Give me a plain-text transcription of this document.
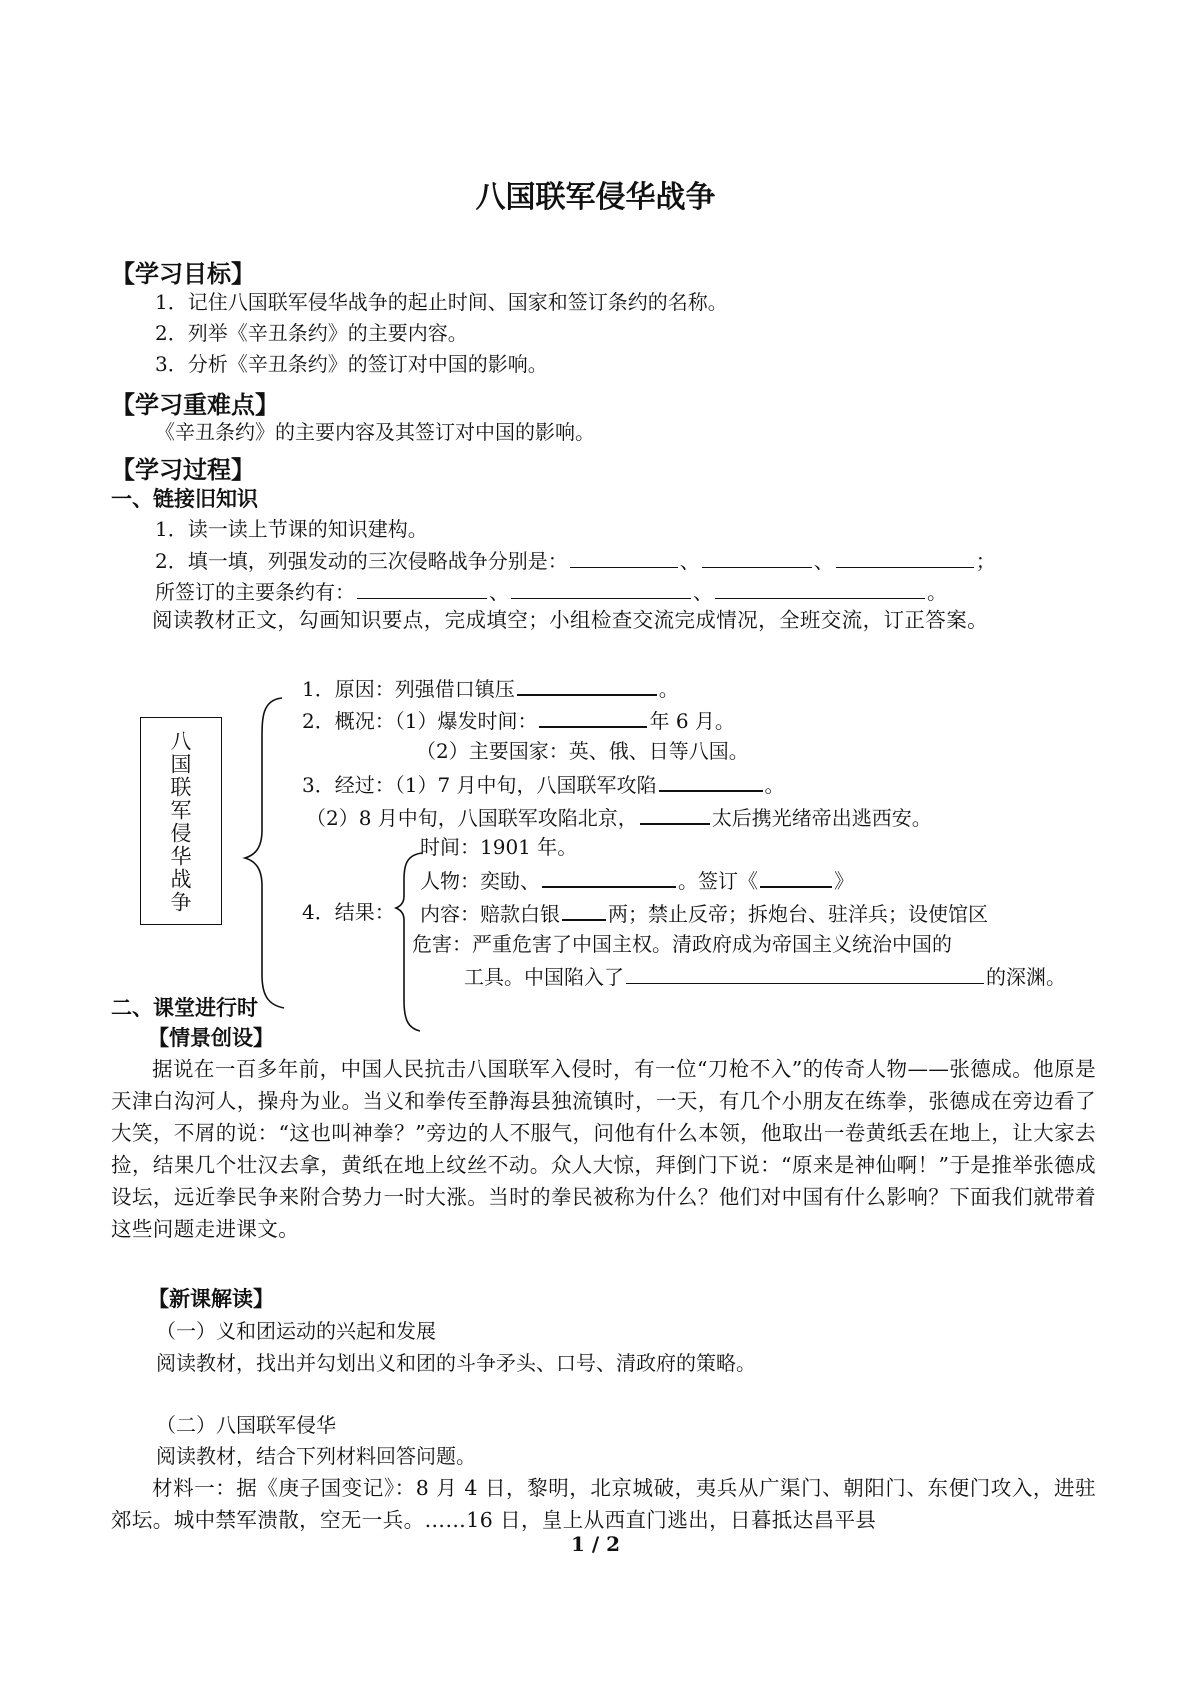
八国联军侵华战争
【学习目标】
1．记住八国联军侵华战争的起止时间、国家和签订条约的名称。
2．列举《辛丑条约》的主要内容。
3．分析《辛丑条约》的签订对中国的影响。
【学习重难点】
《辛丑条约》的主要内容及其签订对中国的影响。
【学习过程】
一、链接旧知识
1．读一读上节课的知识建构。
2．填一填，列强发动的三次侵略战争分别是：	、	、	；
所签订的主要条约有：	、	、	。
阅读教材正文，勾画知识要点，完成填空；小组检查交流完成情况，全班交流，订正答案。
八国联军侵华战争
1．原因：列强借口镇压	。
2．概况：（1）爆发时间：	年 6 月。
（2）主要国家：英、俄、日等八国。
3．经过：（1）7 月中旬，八国联军攻陷	。
（2）8 月中旬，八国联军攻陷北京，	太后携光绪帝出逃西安。
时间：1901 年。
人物：奕劻、	。签订《	》
4．结果： 内容：赔款白银 两；禁止反帝；拆炮台、驻洋兵；设使馆区
危害：严重危害了中国主权。清政府成为帝国主义统治中国的
工具。中国陷入了	的深渊。
二、课堂进行时
【情景创设】
据说在一百多年前，中国人民抗击八国联军入侵时，有一位“刀枪不入”的传奇人物——张德成。他原是天津白沟河人，操舟为业。当义和拳传至静海县独流镇时，一天，有几个小朋友在练拳，张德成在旁边看了大笑，不屑的说：“这也叫神拳？”旁边的人不服气，问他有什么本领，他取出一卷黄纸丢在地上，让大家去捡，结果几个壮汉去拿，黄纸在地上纹丝不动。众人大惊，拜倒门下说：“原来是神仙啊！”于是推举张德成设坛，远近拳民争来附合势力一时大涨。当时的拳民被称为什么？他们对中国有什么影响？下面我们就带着这些问题走进课文。
【新课解读】
（一）义和团运动的兴起和发展
阅读教材，找出并勾划出义和团的斗争矛头、口号、清政府的策略。
（二）八国联军侵华
阅读教材，结合下列材料回答问题。
材料一：据《庚子国变记》：8 月 4 日，黎明，北京城破，夷兵从广渠门、朝阳门、东便门攻入，进驻郊坛。城中禁军溃散，空无一兵。……16 日，皇上从西直门逃出，日暮抵达昌平县
1 / 2
